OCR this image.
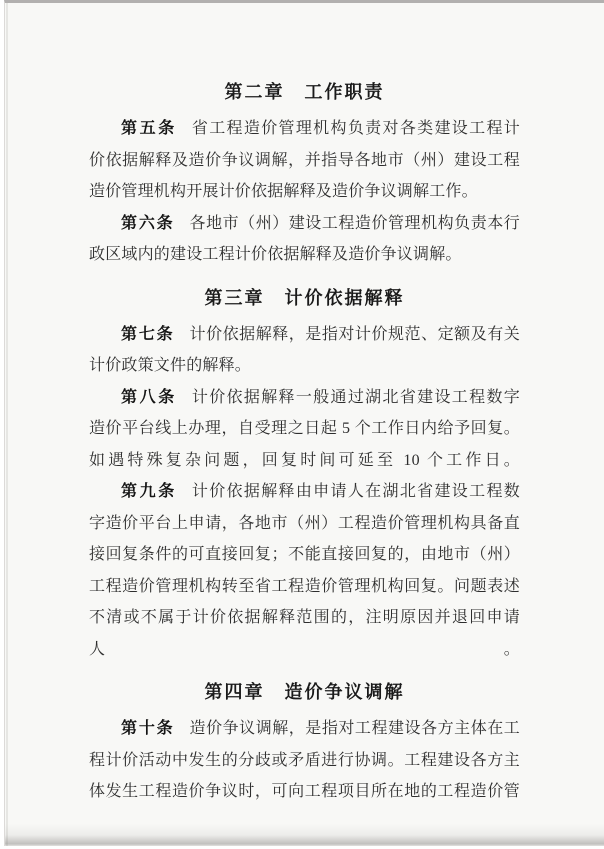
第二章　工作职责
第五条 省工程造价管理机构负责对各类建设工程计
价依据解释及造价争议调解，并指导各地市（州）建设工程
造价管理机构开展计价依据解释及造价争议调解工作。
第六条 各地市（州）建设工程造价管理机构负责本行
政区域内的建设工程计价依据解释及造价争议调解。
第三章　计价依据解释
第七条 计价依据解释，是指对计价规范、定额及有关
计价政策文件的解释。
第八条 计价依据解释一般通过湖北省建设工程数字
造价平台线上办理，自受理之日起 5 个工作日内给予回复。
如遇特殊复杂问题，回复时间可延至 10 个工作日。
第九条 计价依据解释由申请人在湖北省建设工程数
字造价平台上申请，各地市（州）工程造价管理机构具备直
接回复条件的可直接回复；不能直接回复的，由地市（州）
工程造价管理机构转至省工程造价管理机构回复。问题表述
不清或不属于计价依据解释范围的，注明原因并退回申请人。
第四章　造价争议调解
第十条 造价争议调解，是指对工程建设各方主体在工
程计价活动中发生的分歧或矛盾进行协调。工程建设各方主
体发生工程造价争议时，可向工程项目所在地的工程造价管
